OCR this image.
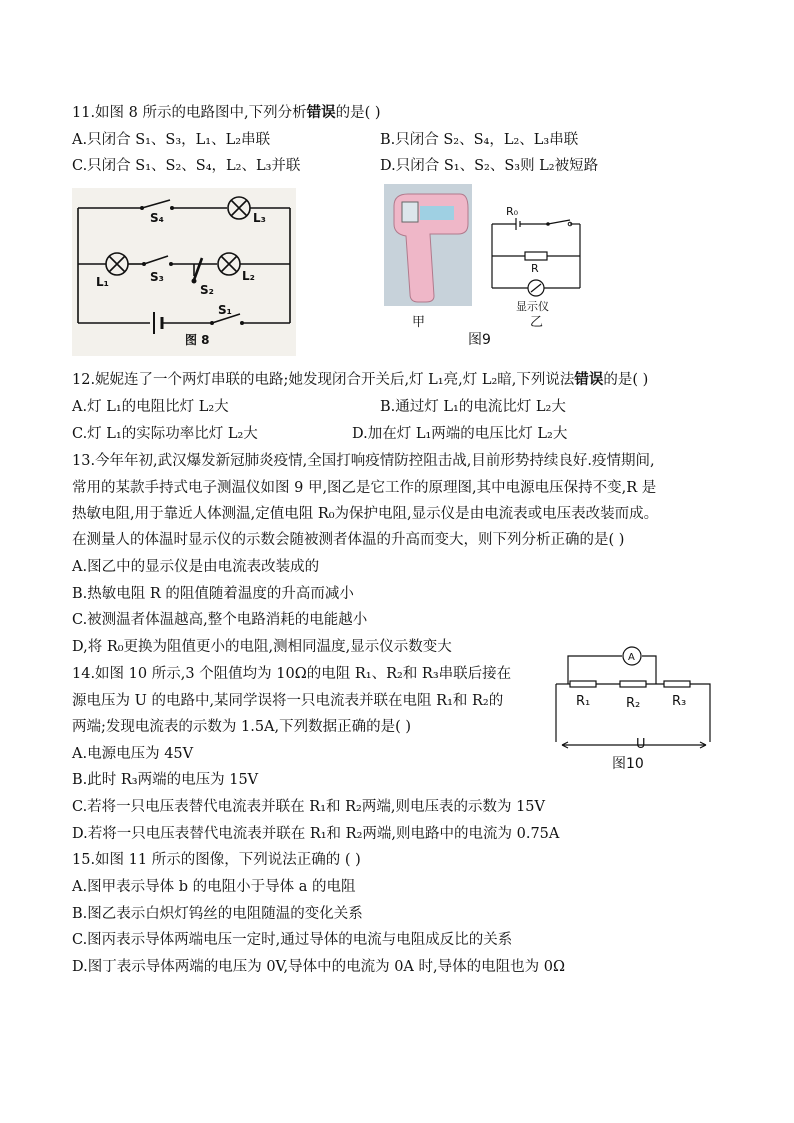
11.如图 8 所示的电路图中,下列分析错误的是( )
A.只闭合 S₁、S₃，L₁、L₂串联	B.只闭合 S₂、S₄，L₂、L₃串联
C.只闭合 S₁、S₂、S₄，L₂、L₃并联	D.只闭合 S₁、S₂、S₃则 L₂被短路
S₄	L₃
L₁	S₃	L₂
S₂
S₁
图 8
甲
R₀
R
显示仪
乙
图9
12.妮妮连了一个两灯串联的电路;她发现闭合开关后,灯 L₁亮,灯 L₂暗,下列说法错误的是( )
A.灯 L₁的电阻比灯 L₂大	B.通过灯 L₁的电流比灯 L₂大
C.灯 L₁的实际功率比灯 L₂大	D.加在灯 L₁两端的电压比灯 L₂大
13.今年年初,武汉爆发新冠肺炎疫情,全国打响疫情防控阻击战,目前形势持续良好.疫情期间,
常用的某款手持式电子测温仪如图 9 甲,图乙是它工作的原理图,其中电源电压保持不变,R 是
热敏电阻,用于靠近人体测温,定值电阻 R₀为保护电阻,显示仪是由电流表或电压表改装而成。
在测量人的体温时显示仪的示数会随被测者体温的升高而变大，则下列分析正确的是( )
A.图乙中的显示仪是由电流表改装成的
B.热敏电阻 R 的阻值随着温度的升高而减小
C.被测温者体温越高,整个电路消耗的电能越小
D,将 R₀更换为阻值更小的电阻,测相同温度,显示仪示数变大
14.如图 10 所示,3 个阻值均为 10Ω的电阻 R₁、R₂和 R₃串联后接在
源电压为 U 的电路中,某同学误将一只电流表并联在电阻 R₁和 R₂的
两端;发现电流表的示数为 1.5A,下列数据正确的是( )
A.电源电压为 45V
B.此时 R₃两端的电压为 15V
C.若将一只电压表替代电流表并联在 R₁和 R₂两端,则电压表的示数为 15V
D.若将一只电压表替代电流表并联在 R₁和 R₂两端,则电路中的电流为 0.75A
A
R₁	R₂ R₃
U
图10
15.如图 11 所示的图像，下列说法正确的 ( )
A.图甲表示导体 b 的电阻小于导体 a 的电阻
B.图乙表示白炽灯钨丝的电阻随温的变化关系
C.图丙表示导体两端电压一定时,通过导体的电流与电阻成反比的关系
D.图丁表示导体两端的电压为 0V,导体中的电流为 0A 时,导体的电阻也为 0Ω
